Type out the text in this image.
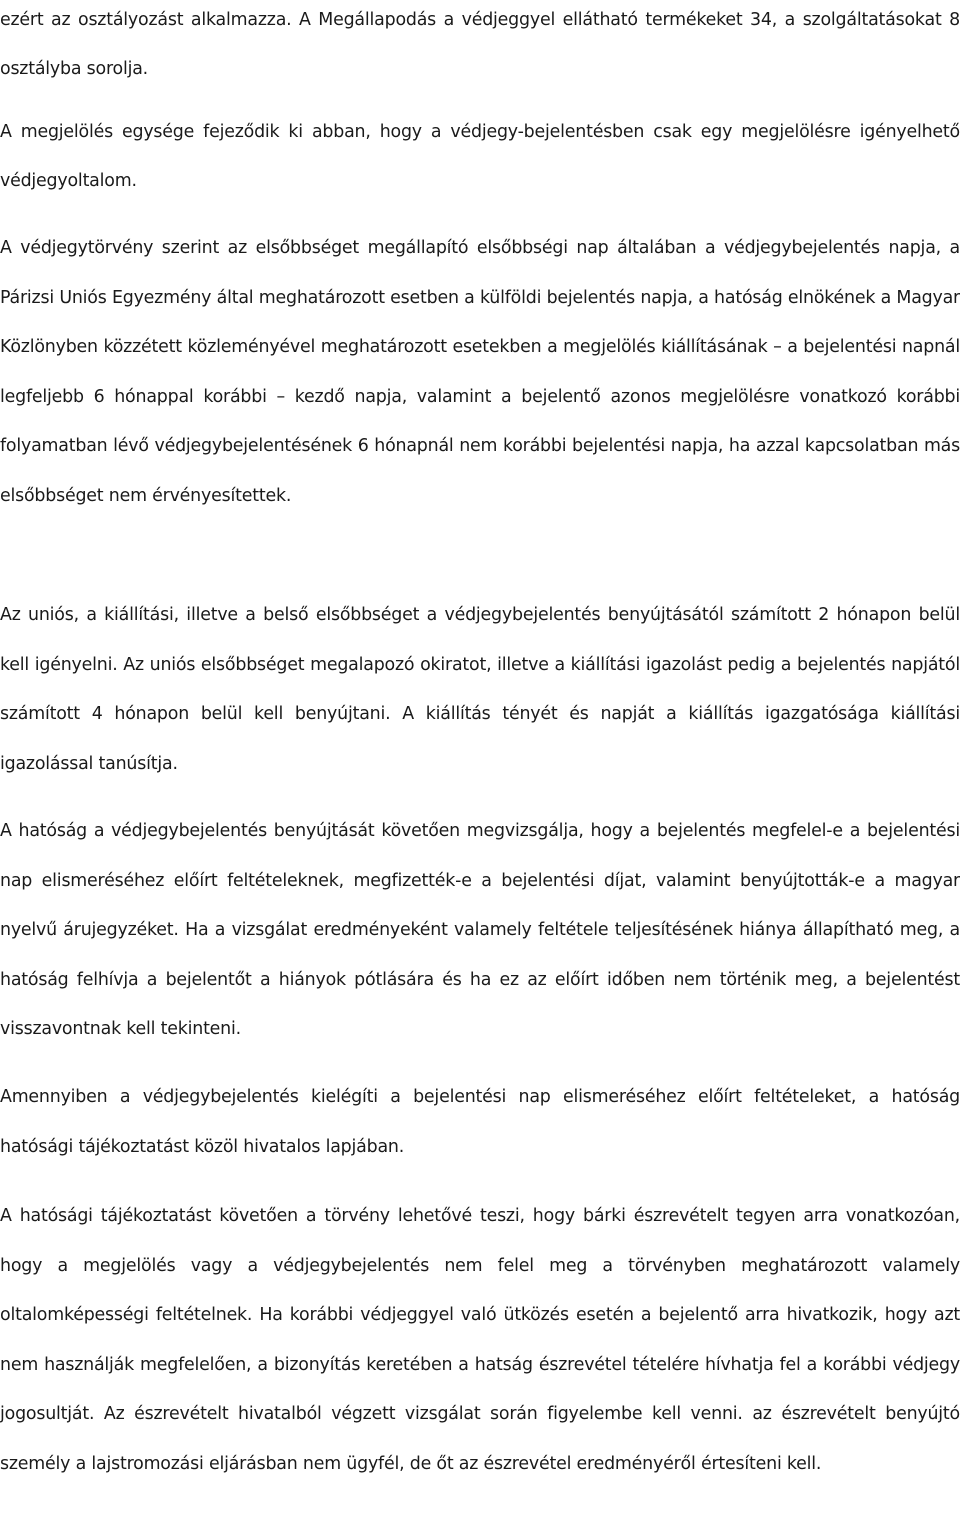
ezért az osztályozást alkalmazza. A Megállapodás a védjeggyel ellátható termékeket 34, a szolgáltatásokat 8 osztályba sorolja.

A megjelölés egysége fejeződik ki abban, hogy a védjegy-bejelentésben csak egy megjelölésre igényelhető védjegyoltalom.

A védjegytörvény szerint az elsőbbséget megállapító elsőbbségi nap általában a védjegybejelentés napja, a Párizsi Uniós Egyezmény által meghatározott esetben a külföldi bejelentés napja, a hatóság elnökének a Magyar Közlönyben közzétett közleményével meghatározott esetekben a megjelölés kiállításának – a bejelentési napnál legfeljebb 6 hónappal korábbi – kezdő napja, valamint a bejelentő azonos megjelölésre vonatkozó korábbi folyamatban lévő védjegybejelentésének 6 hónapnál nem korábbi bejelentési napja, ha azzal kapcsolatban más elsőbbséget nem érvényesítettek.

Az uniós, a kiállítási, illetve a belső elsőbbséget a védjegybejelentés benyújtásától számított 2 hónapon belül kell igényelni. Az uniós elsőbbséget megalapozó okiratot, illetve a kiállítási igazolást pedig a bejelentés napjától számított 4 hónapon belül kell benyújtani. A kiállítás tényét és napját a kiállítás igazgatósága kiállítási igazolással tanúsítja.

A hatóság a védjegybejelentés benyújtását követően megvizsgálja, hogy a bejelentés megfelel-e a bejelentési nap elismeréséhez előírt feltételeknek, megfizették-e a bejelentési díjat, valamint benyújtották-e a magyar nyelvű árujegyzéket. Ha a vizsgálat eredményeként valamely feltétele teljesítésének hiánya állapítható meg, a hatóság felhívja a bejelentőt a hiányok pótlására és ha ez az előírt időben nem történik meg, a bejelentést visszavontnak kell tekinteni.

Amennyiben a védjegybejelentés kielégíti a bejelentési nap elismeréséhez előírt feltételeket, a hatóság hatósági tájékoztatást közöl hivatalos lapjában.

A hatósági tájékoztatást követően a törvény lehetővé teszi, hogy bárki észrevételt tegyen arra vonatkozóan, hogy a megjelölés vagy a védjegybejelentés nem felel meg a törvényben meghatározott valamely oltalomképességi feltételnek. Ha korábbi védjeggyel való ütközés esetén a bejelentő arra hivatkozik, hogy azt nem használják megfelelően, a bizonyítás keretében a hatság észrevétel tételére hívhatja fel a korábbi védjegy jogosultját. Az észrevételt hivatalból végzett vizsgálat során figyelembe kell venni. az észrevételt benyújtó személy a lajstromozási eljárásban nem ügyfél, de őt az észrevétel eredményéről értesíteni kell.
